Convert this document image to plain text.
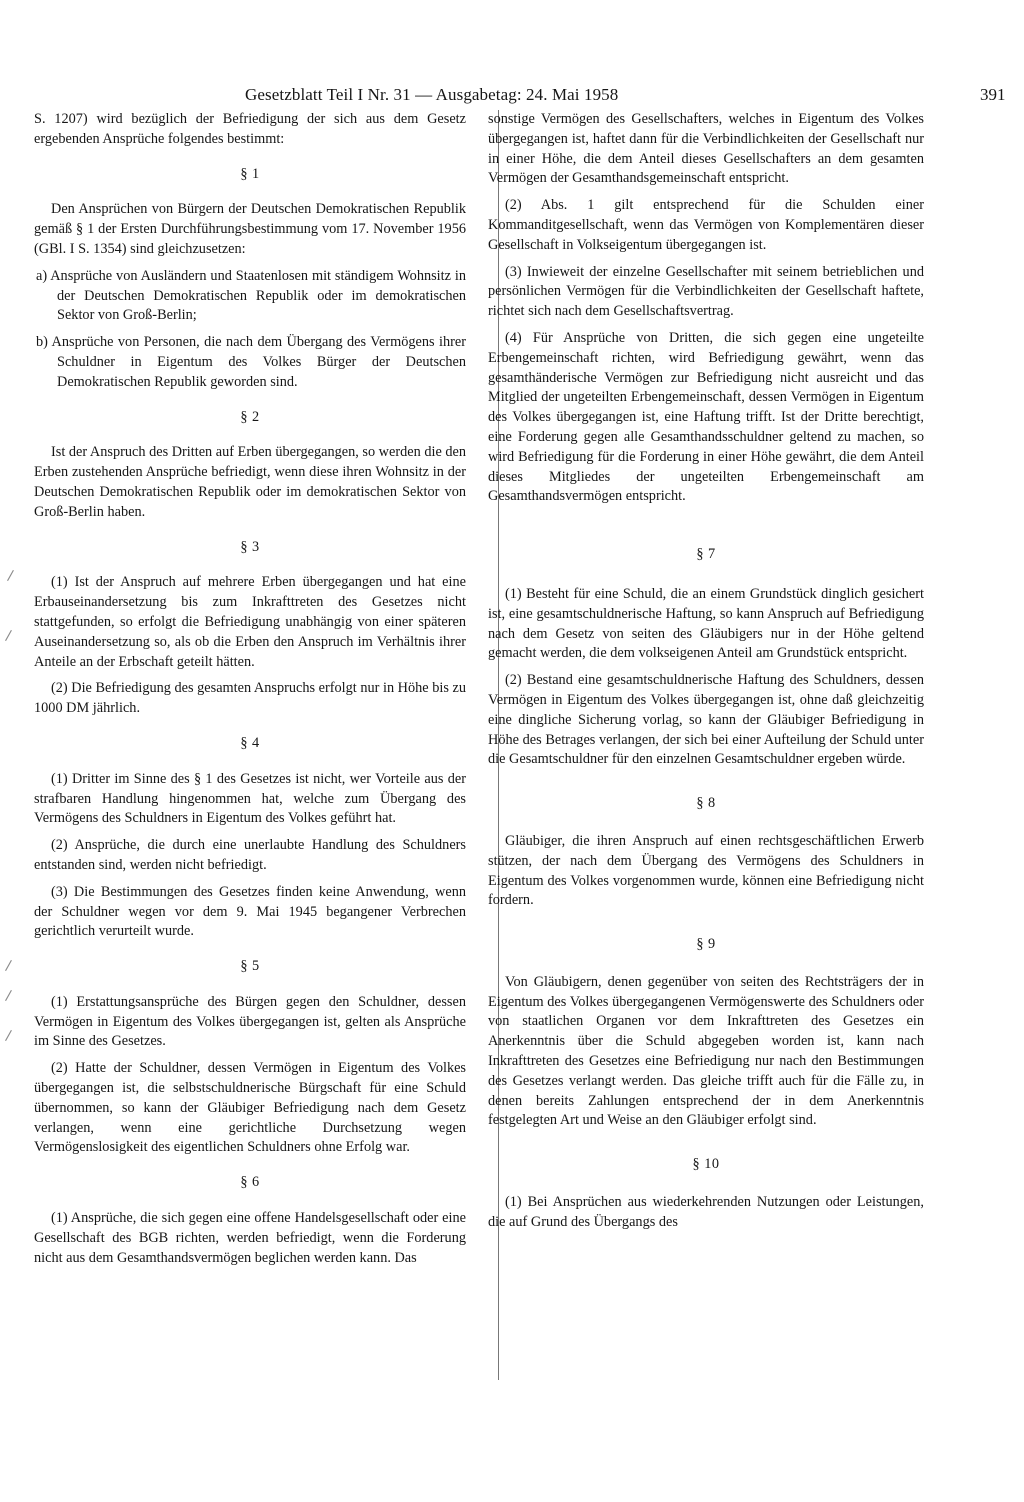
Gesetzblatt Teil I Nr. 31 — Ausgabetag: 24. Mai 1958	391

S. 1207) wird bezüglich der Befriedigung der sich aus dem Gesetz ergebenden Ansprüche folgendes bestimmt:

§ 1

Den Ansprüchen von Bürgern der Deutschen Demokratischen Republik gemäß § 1 der Ersten Durchführungsbestimmung vom 17. November 1956 (GBl. I S. 1354) sind gleichzusetzen:

a) Ansprüche von Ausländern und Staatenlosen mit ständigem Wohnsitz in der Deutschen Demokratischen Republik oder im demokratischen Sektor von Groß-Berlin;

b) Ansprüche von Personen, die nach dem Übergang des Vermögens ihrer Schuldner in Eigentum des Volkes Bürger der Deutschen Demokratischen Republik geworden sind.

§ 2

Ist der Anspruch des Dritten auf Erben übergegangen, so werden die den Erben zustehenden Ansprüche befriedigt, wenn diese ihren Wohnsitz in der Deutschen Demokratischen Republik oder im demokratischen Sektor von Groß-Berlin haben.

§ 3

(1) Ist der Anspruch auf mehrere Erben übergegangen und hat eine Erbauseinandersetzung bis zum Inkrafttreten des Gesetzes nicht stattgefunden, so erfolgt die Befriedigung unabhängig von einer späteren Auseinandersetzung so, als ob die Erben den Anspruch im Verhältnis ihrer Anteile an der Erbschaft geteilt hätten.

(2) Die Befriedigung des gesamten Anspruchs erfolgt nur in Höhe bis zu 1000 DM jährlich.

§ 4

(1) Dritter im Sinne des § 1 des Gesetzes ist nicht, wer Vorteile aus der strafbaren Handlung hingenommen hat, welche zum Übergang des Vermögens des Schuldners in Eigentum des Volkes geführt hat.

(2) Ansprüche, die durch eine unerlaubte Handlung des Schuldners entstanden sind, werden nicht befriedigt.

(3) Die Bestimmungen des Gesetzes finden keine Anwendung, wenn der Schuldner wegen vor dem 9. Mai 1945 begangener Verbrechen gerichtlich verurteilt wurde.

§ 5

(1) Erstattungsansprüche des Bürgen gegen den Schuldner, dessen Vermögen in Eigentum des Volkes übergegangen ist, gelten als Ansprüche im Sinne des Gesetzes.

(2) Hatte der Schuldner, dessen Vermögen in Eigentum des Volkes übergegangen ist, die selbstschuldnerische Bürgschaft für eine Schuld übernommen, so kann der Gläubiger Befriedigung nach dem Gesetz verlangen, wenn eine gerichtliche Durchsetzung wegen Vermögenslosigkeit des eigentlichen Schuldners ohne Erfolg war.

§ 6

(1) Ansprüche, die sich gegen eine offene Handelsgesellschaft oder eine Gesellschaft des BGB richten, werden befriedigt, wenn die Forderung nicht aus dem Gesamthandsvermögen beglichen werden kann. Das

sonstige Vermögen des Gesellschafters, welches in Eigentum des Volkes übergegangen ist, haftet dann für die Verbindlichkeiten der Gesellschaft nur in einer Höhe, die dem Anteil dieses Gesellschafters an dem gesamten Vermögen der Gesamthandsgemeinschaft entspricht.

(2) Abs. 1 gilt entsprechend für die Schulden einer Kommanditgesellschaft, wenn das Vermögen von Komplementären dieser Gesellschaft in Volkseigentum übergegangen ist.

(3) Inwieweit der einzelne Gesellschafter mit seinem betrieblichen und persönlichen Vermögen für die Verbindlichkeiten der Gesellschaft haftete, richtet sich nach dem Gesellschaftsvertrag.

(4) Für Ansprüche von Dritten, die sich gegen eine ungeteilte Erbengemeinschaft richten, wird Befriedigung gewährt, wenn das gesamthänderische Vermögen zur Befriedigung nicht ausreicht und das Mitglied der ungeteilten Erbengemeinschaft, dessen Vermögen in Eigentum des Volkes übergegangen ist, eine Haftung trifft. Ist der Dritte berechtigt, eine Forderung gegen alle Gesamthandsschuldner geltend zu machen, so wird Befriedigung für die Forderung in einer Höhe gewährt, die dem Anteil dieses Mitgliedes der ungeteilten Erbengemeinschaft am Gesamthandsvermögen entspricht.

§ 7

(1) Besteht für eine Schuld, die an einem Grundstück dinglich gesichert ist, eine gesamtschuldnerische Haftung, so kann Anspruch auf Befriedigung nach dem Gesetz von seiten des Gläubigers nur in der Höhe geltend gemacht werden, die dem volkseigenen Anteil am Grundstück entspricht.

(2) Bestand eine gesamtschuldnerische Haftung des Schuldners, dessen Vermögen in Eigentum des Volkes übergegangen ist, ohne daß gleichzeitig eine dingliche Sicherung vorlag, so kann der Gläubiger Befriedigung in Höhe des Betrages verlangen, der sich bei einer Aufteilung der Schuld unter die Gesamtschuldner für den einzelnen Gesamtschuldner ergeben würde.

§ 8

Gläubiger, die ihren Anspruch auf einen rechtsgeschäftlichen Erwerb stützen, der nach dem Übergang des Vermögens des Schuldners in Eigentum des Volkes vorgenommen wurde, können eine Befriedigung nicht fordern.

§ 9

Von Gläubigern, denen gegenüber von seiten des Rechtsträgers der in Eigentum des Volkes übergegangenen Vermögenswerte des Schuldners oder von staatlichen Organen vor dem Inkrafttreten des Gesetzes ein Anerkenntnis über die Schuld abgegeben worden ist, kann nach Inkrafttreten des Gesetzes eine Befriedigung nur nach den Bestimmungen des Gesetzes verlangt werden. Das gleiche trifft auch für die Fälle zu, in denen bereits Zahlungen entsprechend der in dem Anerkenntnis festgelegten Art und Weise an den Gläubiger erfolgt sind.

§ 10

(1) Bei Ansprüchen aus wiederkehrenden Nutzungen oder Leistungen, die auf Grund des Übergangs des

/
/
/
/
/
